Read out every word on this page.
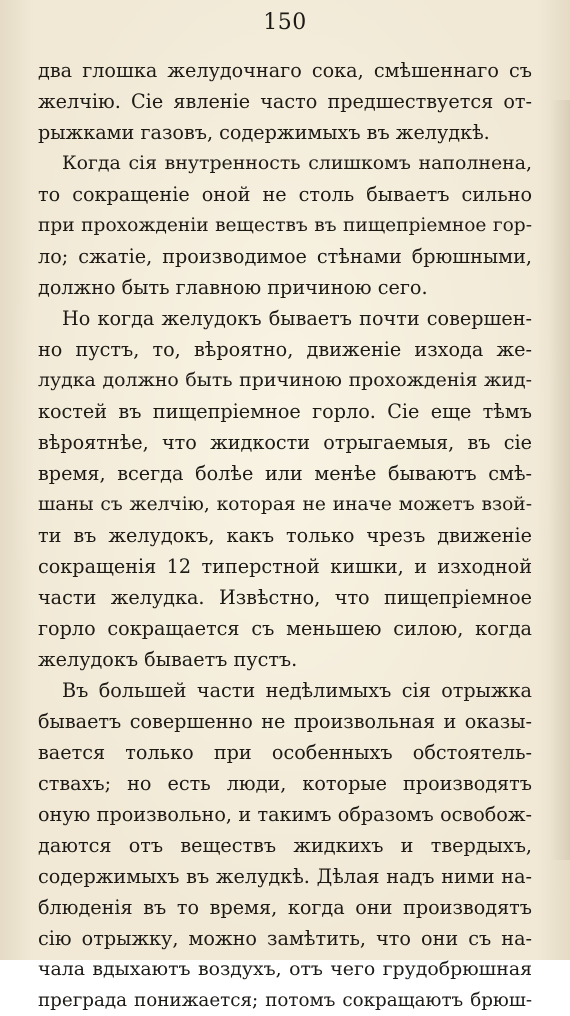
150
два глошка желудочнаго сока, смѣшеннаго съ
желчію. Сіе явленіе часто предшествуется от-
рыжками газовъ, содержимыхъ въ желудкѣ.
Когда сія внутренность слишкомъ наполнена,
то сокращеніе оной не столь бываетъ сильно
при прохожденіи веществъ въ пищепріемное гор-
ло; сжатіе, производимое стѣнами брюшными,
должно быть главною причиною сего.
Но когда желудокъ бываетъ почти совершен-
но пустъ, то, вѣроятно, движеніе изхода же-
лудка должно быть причиною прохожденія жид-
костей въ пищепріемное горло. Сіе еще тѣмъ
вѣроятнѣе, что жидкости отрыгаемыя, въ сіе
время, всегда болѣе или менѣе бываютъ смѣ-
шаны съ желчію, которая не иначе можетъ взой-
ти въ желудокъ, какъ только чрезъ движеніе
сокращенія 12 типерстной кишки, и изходной
части желудка. Извѣстно, что пищепріемное
горло сокращается съ меньшею силою, когда
желудокъ бываетъ пустъ.
Въ большей части недѣлимыхъ сія отрыжка
бываетъ совершенно не произвольная и оказы-
вается только при особенныхъ обстоятель-
ствахъ; но есть люди, которые производятъ
оную произвольно, и такимъ образомъ освобож-
даются отъ веществъ жидкихъ и твердыхъ,
содержимыхъ въ желудкѣ. Дѣлая надъ ними на-
блюденія въ то время, когда они производятъ
сію отрыжку, можно замѣтить, что они съ на-
чала вдыхаютъ воздухъ, отъ чего грудобрюшная
преграда понижается; потомъ сокращаютъ брюш-
